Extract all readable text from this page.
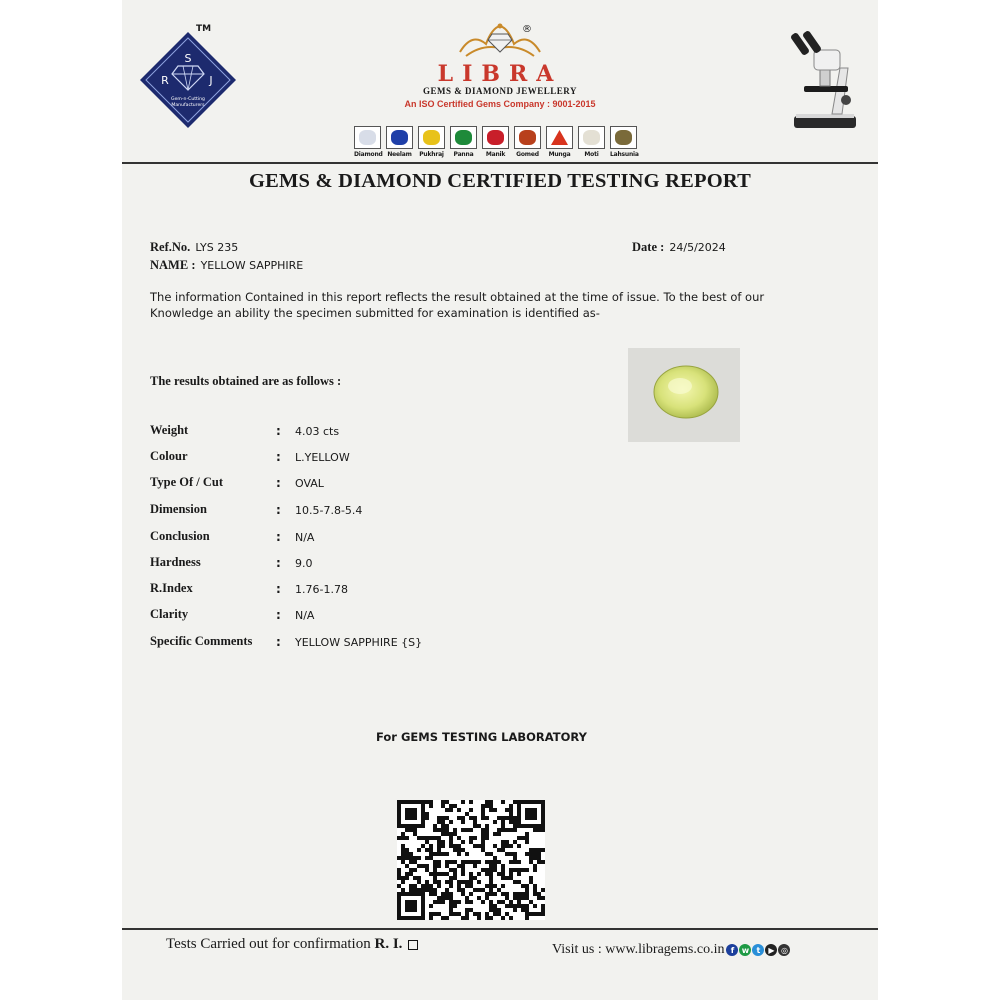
S
R	J
Gem-n-Cutting
Manufacturers
TM	®
LIBRA
GEMS & DIAMOND JEWELLERY
An ISO Certified Gems Company : 9001-2015
Diamond Neelam Pukhraj	Panna	Manik	Gomed	Munga	Moti	Lahsunia
GEMS & DIAMOND CERTIFIED TESTING REPORT
Ref.No. LYS 235
NAME : YELLOW SAPPHIRE
Date : 24/5/2024
The information Contained in this report reflects the result obtained at the time of issue. To the best of our Knowledge an ability the specimen submitted for examination is identified as-
The results obtained are as follows :
Weight	: 4.03 cts
Colour	: L.YELLOW
Type Of / Cut	: OVAL
Dimension	: 10.5-7.8-5.4
Conclusion	: N/A
Hardness	: 9.0
R.Index	: 1.76-1.78
Clarity	: N/A
Specific Comments : YELLOW SAPPHIRE {S}
For GEMS TESTING LABORATORY
Tests Carried out for confirmation R. I.	Visit us : www.libragems.co.in f w t	▶ ◎
